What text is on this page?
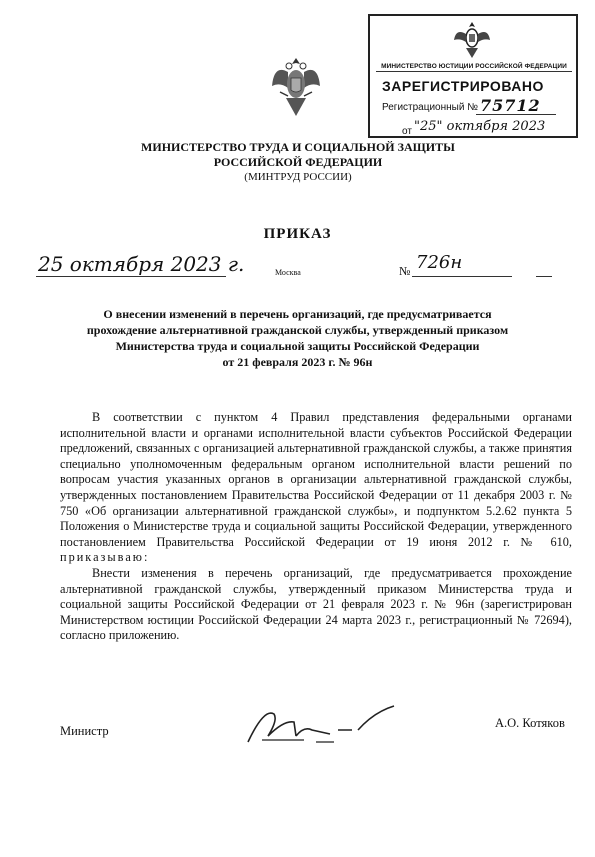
МИНИСТЕРСТВО ЮСТИЦИИ РОССИЙСКОЙ ФЕДЕРАЦИИ
ЗАРЕГИСТРИРОВАНО
Регистрационный № 75712
от "25" октября 2023
МИНИСТЕРСТВО ТРУДА И СОЦИАЛЬНОЙ ЗАЩИТЫ
РОССИЙСКОЙ ФЕДЕРАЦИИ
(МИНТРУД РОССИИ)
ПРИКАЗ
25 октября 2023 г.	Москва	№ 726н
О внесении изменений в перечень организаций, где предусматривается
прохождение альтернативной гражданской службы, утвержденный приказом
Министерства труда и социальной защиты Российской Федерации
от 21 февраля 2023 г. № 96н

В соответствии с пунктом 4 Правил представления федеральными органами исполнительной власти и органами исполнительной власти субъектов Российской Федерации предложений, связанных с организацией альтернативной гражданской службы, а также принятия специально уполномоченным федеральным органом исполнительной власти решений по вопросам участия указанных органов в организации альтернативной гражданской службы, утвержденных постановлением Правительства Российской Федерации от 11 декабря 2003 г. № 750 «Об организации альтернативной гражданской службы», и подпунктом 5.2.62 пункта 5 Положения о Министерстве труда и социальной защиты Российской Федерации, утвержденного постановлением Правительства Российской Федерации от 19 июня 2012 г. № 610, приказываю:

Внести изменения в перечень организаций, где предусматривается прохождение альтернативной гражданской службы, утвержденный приказом Министерства труда и социальной защиты Российской Федерации от 21 февраля 2023 г. № 96н (зарегистрирован Министерством юстиции Российской Федерации 24 марта 2023 г., регистрационный № 72694), согласно приложению.

Министр
А.О. Котяков
